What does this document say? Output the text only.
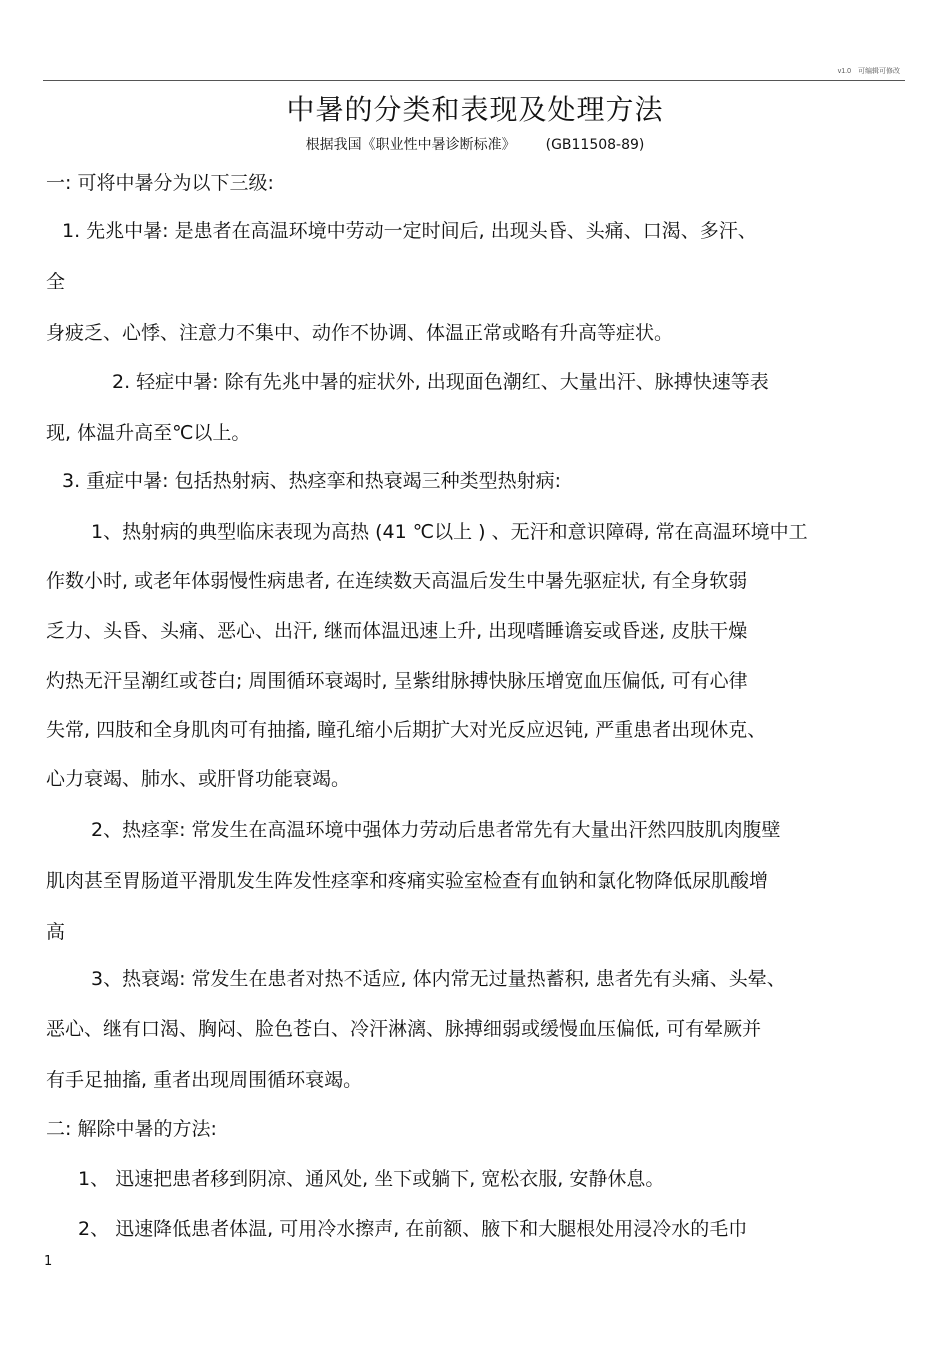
v1.0　可编辑可修改
中暑的分类和表现及处理方法
根据我国《职业性中暑诊断标准》 (GB11508-89)
一: 可将中暑分为以下三级:
1. 先兆中暑: 是患者在高温环境中劳动一定时间后, 出现头昏、头痛、口渴、多汗、
全
身疲乏、心悸、注意力不集中、动作不协调、体温正常或略有升高等症状。
2. 轻症中暑: 除有先兆中暑的症状外, 出现面色潮红、大量出汗、脉搏快速等表
现, 体温升高至℃以上。
3. 重症中暑: 包括热射病、热痉挛和热衰竭三种类型热射病:
1、热射病的典型临床表现为高热 (41 ℃以上 ) 、无汗和意识障碍, 常在高温环境中工
作数小时, 或老年体弱慢性病患者, 在连续数天高温后发生中暑先驱症状, 有全身软弱
乏力、头昏、头痛、恶心、出汗, 继而体温迅速上升, 出现嗜睡谵妄或昏迷, 皮肤干燥
灼热无汗呈潮红或苍白; 周围循环衰竭时, 呈紫绀脉搏快脉压增宽血压偏低, 可有心律
失常, 四肢和全身肌肉可有抽搐, 瞳孔缩小后期扩大对光反应迟钝, 严重患者出现休克、
心力衰竭、肺水、或肝肾功能衰竭。
2、热痉挛: 常发生在高温环境中强体力劳动后患者常先有大量出汗然四肢肌肉腹壁
肌肉甚至胃肠道平滑肌发生阵发性痉挛和疼痛实验室检查有血钠和氯化物降低尿肌酸增
高
3、热衰竭: 常发生在患者对热不适应, 体内常无过量热蓄积, 患者先有头痛、头晕、
恶心、继有口渴、胸闷、脸色苍白、冷汗淋漓、脉搏细弱或缓慢血压偏低, 可有晕厥并
有手足抽搐, 重者出现周围循环衰竭。
二: 解除中暑的方法:
1、 迅速把患者移到阴凉、通风处, 坐下或躺下, 宽松衣服, 安静休息。
2、 迅速降低患者体温, 可用冷水擦声, 在前额、腋下和大腿根处用浸冷水的毛巾
1
